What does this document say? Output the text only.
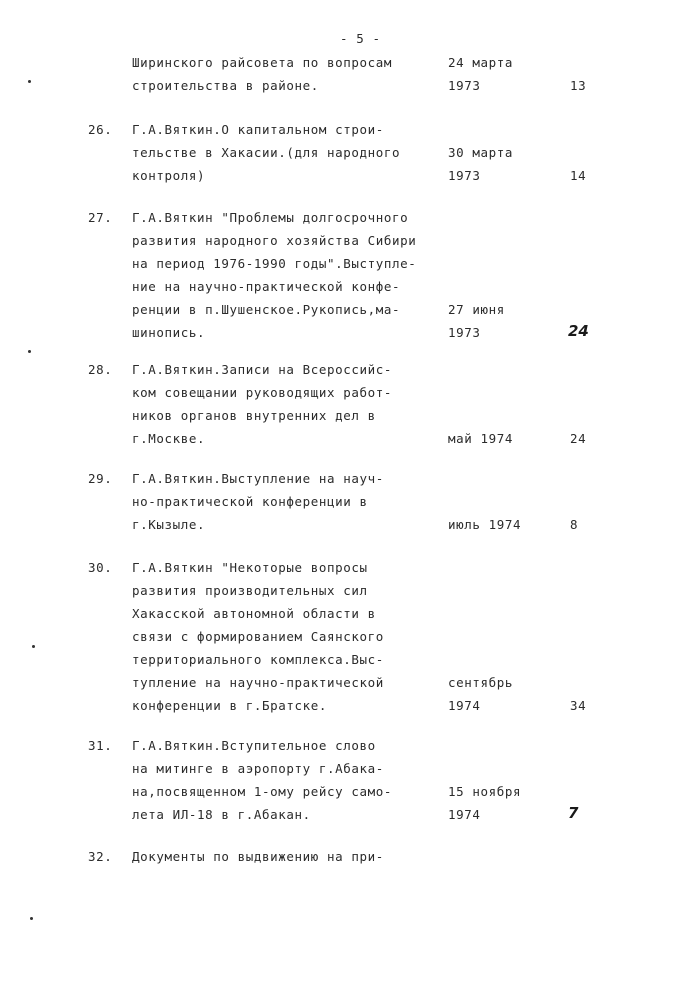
- 5 -
Ширинского райсовета по вопросам
строительства в районе.
24 марта
1973	13
26. Г.А.Вяткин.О капитальном строи-
тельстве в Хакасии.(для народного
контроля)
30 марта
1973	14
27. Г.А.Вяткин "Проблемы долгосрочного
развития народного хозяйства Сибири
на период 1976-1990 годы".Выступле-
ние на научно-практической конфе-
ренции в п.Шушенское.Рукопись,ма-
шинопись.
27 июня
1973	24
28. Г.А.Вяткин.Записи на Всероссийс-
ком совещании руководящих работ-
ников органов внутренних дел в
г.Москве.	май 1974	24
29. Г.А.Вяткин.Выступление на науч-
но-практической конференции в
г.Кызыле.	июль 1974	8
30. Г.А.Вяткин "Некоторые вопросы
развития производительных сил
Хакасской автономной области в
связи с формированием Саянского
территориального комплекса.Выс-
тупление на научно-практической
конференции в г.Братске.
сентябрь
1974	34
31. Г.А.Вяткин.Вступительное слово
на митинге в аэропорту г.Абака-
на,посвященном 1-ому рейсу само-
лета ИЛ-18 в г.Абакан.
15 ноября
1974	7
32. Документы по выдвижению на при-
